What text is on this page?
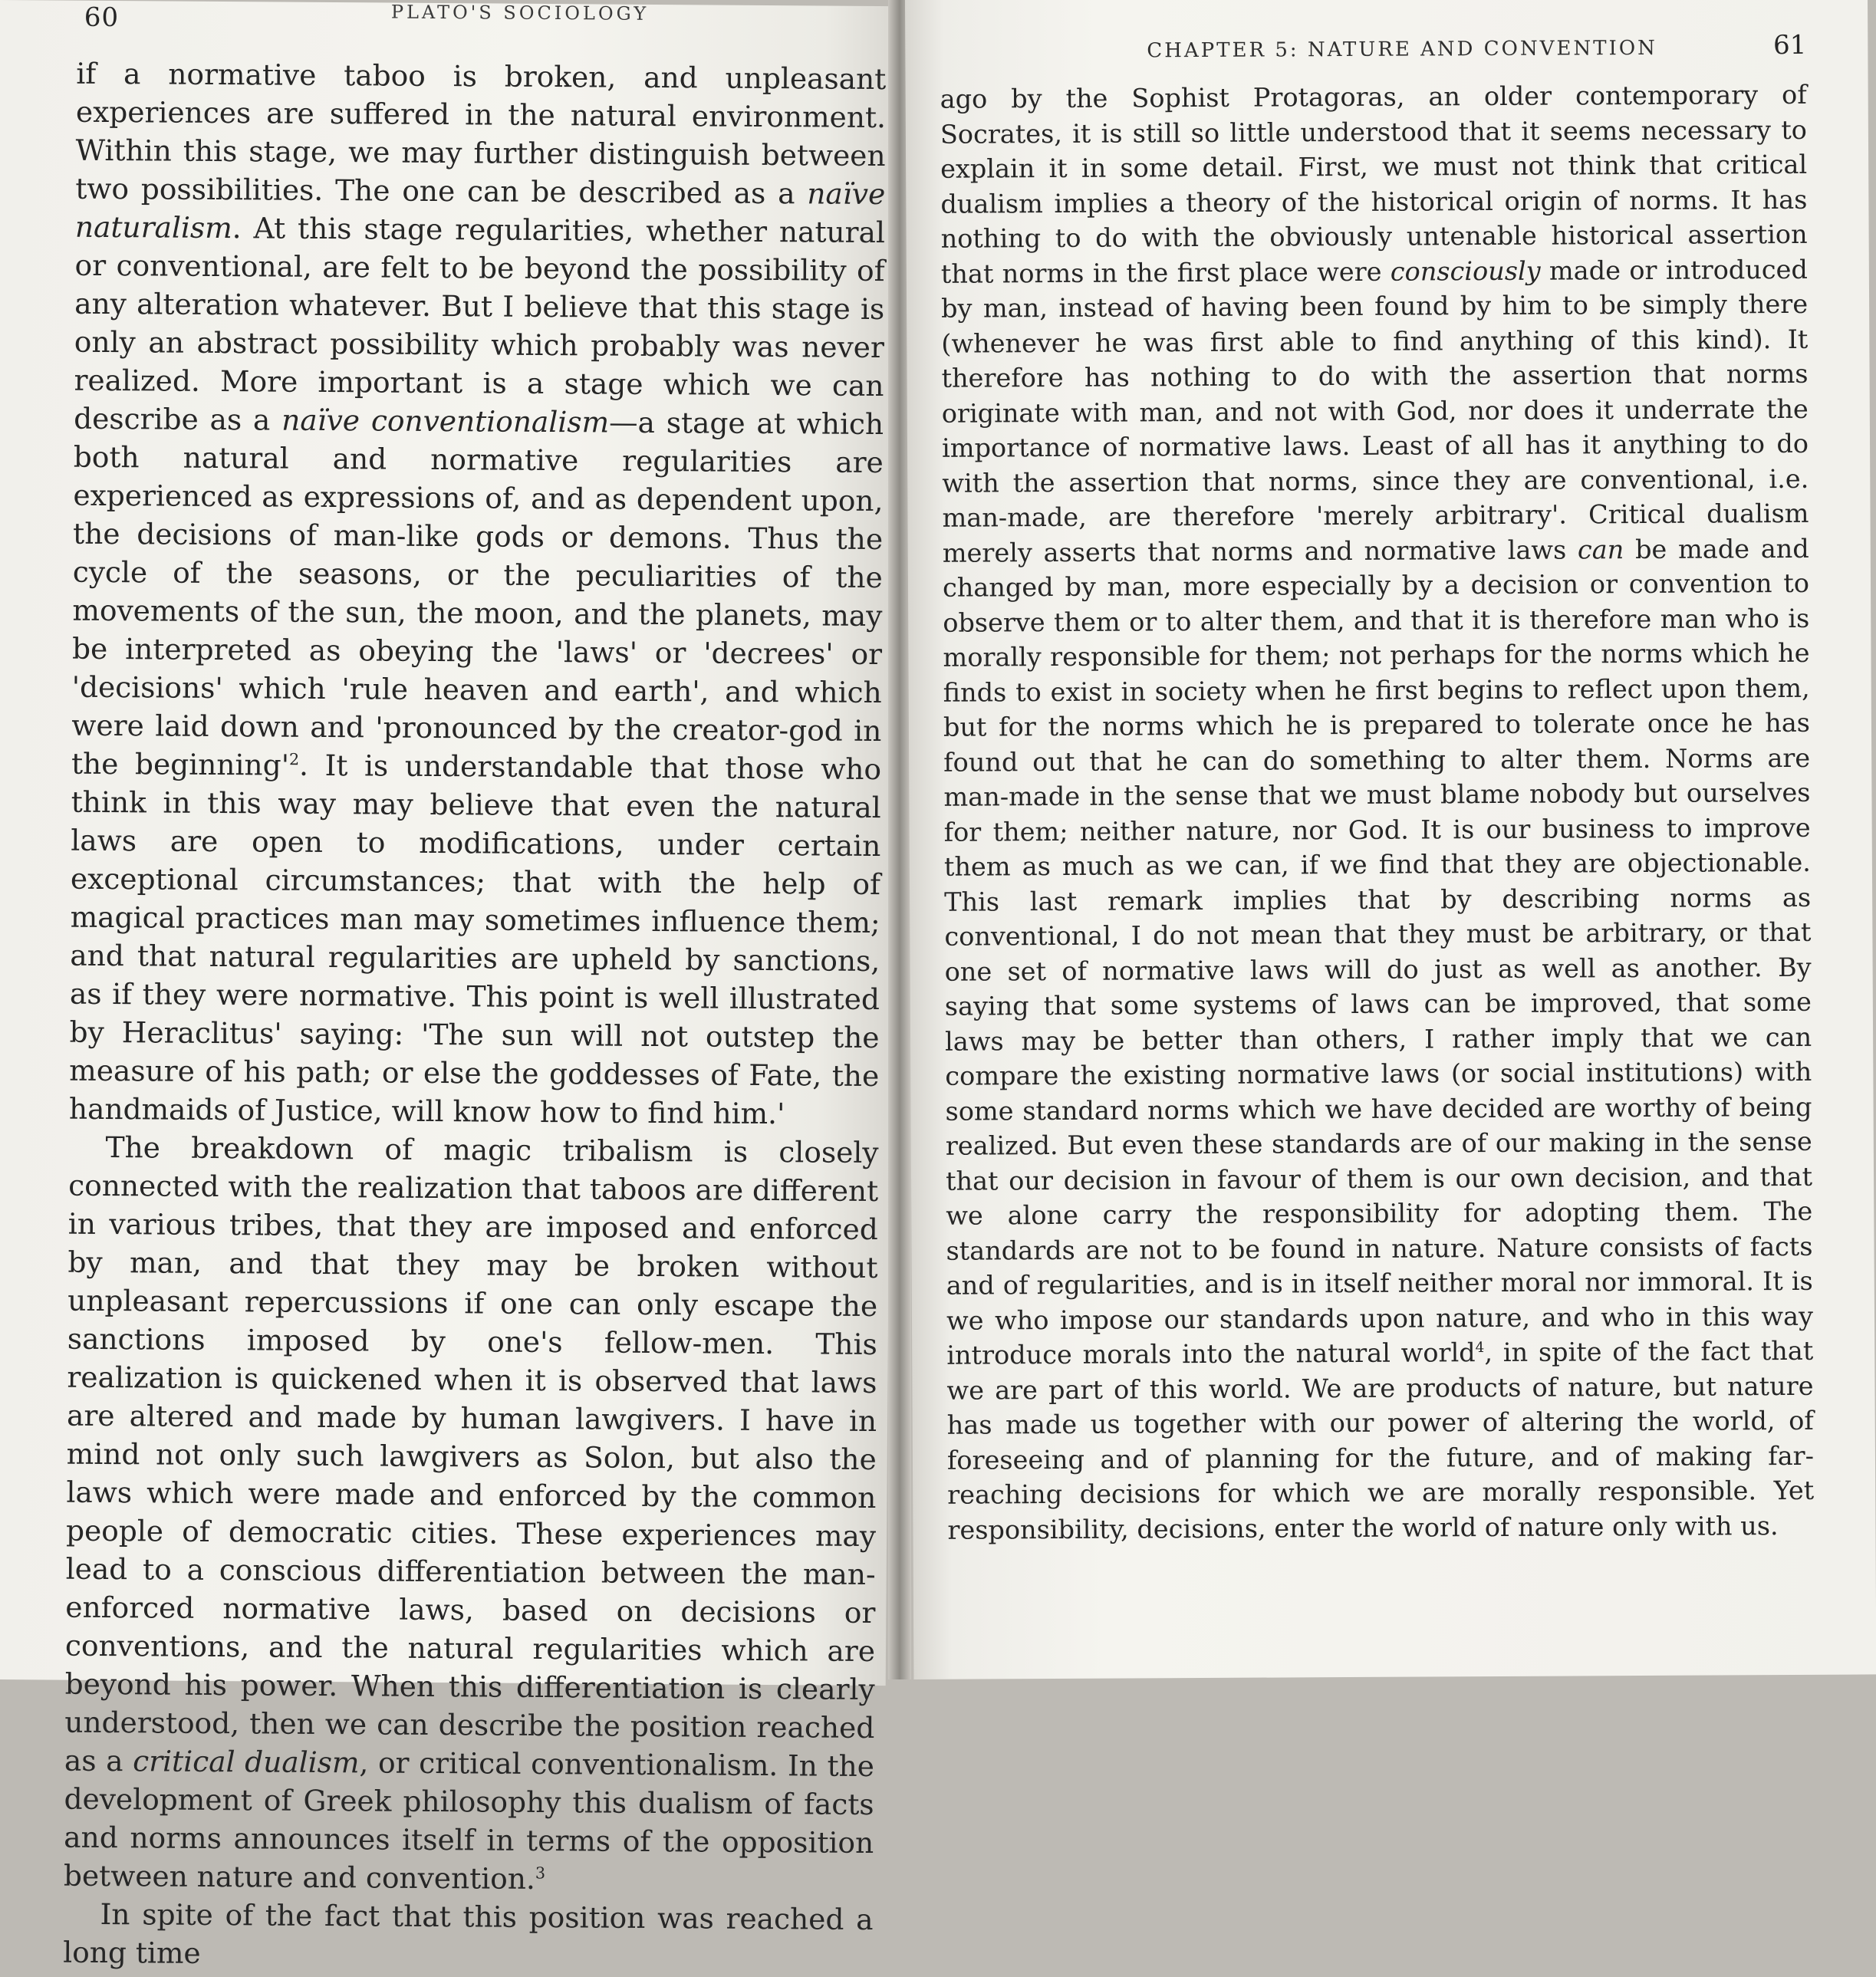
60	PLATO'S SOCIOLOGY

if a normative taboo is broken, and unpleasant experiences are suffered in the natural environment. Within this stage, we may further distinguish between two possibilities. The one can be described as a naïve naturalism. At this stage regularities, whether natural or conventional, are felt to be beyond the possibility of any alteration whatever. But I believe that this stage is only an abstract possibility which probably was never realized. More important is a stage which we can describe as a naïve conventionalism—a stage at which both natural and normative regularities are experienced as expressions of, and as dependent upon, the decisions of man-like gods or demons. Thus the cycle of the seasons, or the peculiarities of the movements of the sun, the moon, and the planets, may be interpreted as obeying the 'laws' or 'decrees' or 'decisions' which 'rule heaven and earth', and which were laid down and 'pronounced by the creator-god in the $beginning'^2$. It is understandable that those who think in this way may believe that even the natural laws are open to modifications, under certain exceptional circumstances; that with the help of magical practices man may sometimes influence them; and that natural regularities are upheld by sanctions, as if they were normative. This point is well illustrated by Heraclitus' saying: 'The sun will not outstep the measure of his path; or else the goddesses of Fate, the handmaids of Justice, will know how to find him.'

The breakdown of magic tribalism is closely connected with the realization that taboos are different in various tribes, that they are imposed and enforced by man, and that they may be broken without unpleasant repercussions if one can only escape the sanctions imposed by one's fellow-men. This realization is quickened when it is observed that laws are altered and made by human lawgivers. I have in mind not only such lawgivers as Solon, but also the laws which were made and enforced by the common people of democratic cities. These experiences may lead to a conscious differentiation between the man-enforced normative laws, based on decisions or conventions, and the natural regularities which are beyond his power. When this differentiation is clearly understood, then we can describe the position reached as a critical dualism, or critical conventionalism. In the development of Greek philosophy this dualism of facts and norms announces itself in terms of the opposition between nature and convention.$^3$

In spite of the fact that this position was reached a long time

CHAPTER 5: NATURE AND CONVENTION	61

ago by the Sophist Protagoras, an older contemporary of Socrates, it is still so little understood that it seems necessary to explain it in some detail. First, we must not think that critical dualism implies a theory of the historical origin of norms. It has nothing to do with the obviously untenable historical assertion that norms in the first place were consciously made or introduced by man, instead of having been found by him to be simply there (whenever he was first able to find anything of this kind). It therefore has nothing to do with the assertion that norms originate with man, and not with God, nor does it underrate the importance of normative laws. Least of all has it anything to do with the assertion that norms, since they are conventional, i.e. man-made, are therefore 'merely arbitrary'. Critical dualism merely asserts that norms and normative laws can be made and changed by man, more especially by a decision or convention to observe them or to alter them, and that it is therefore man who is morally responsible for them; not perhaps for the norms which he finds to exist in society when he first begins to reflect upon them, but for the norms which he is prepared to tolerate once he has found out that he can do something to alter them. Norms are man-made in the sense that we must blame nobody but ourselves for them; neither nature, nor God. It is our business to improve them as much as we can, if we find that they are objectionable. This last remark implies that by describing norms as conventional, I do not mean that they must be arbitrary, or that one set of normative laws will do just as well as another. By saying that some systems of laws can be improved, that some laws may be better than others, I rather imply that we can compare the existing normative laws (or social institutions) with some standard norms which we have decided are worthy of being realized. But even these standards are of our making in the sense that our decision in favour of them is our own decision, and that we alone carry the responsibility for adopting them. The standards are not to be found in nature. Nature consists of facts and of regularities, and is in itself neither moral nor immoral. It is we who impose our standards upon nature, and who in this way introduce morals into the natural world$^4$, in spite of the fact that we are part of this world. We are products of nature, but nature has made us together with our power of altering the world, of foreseeing and of planning for the future, and of making far-reaching decisions for which we are morally responsible. Yet responsibility, decisions, enter the world of nature only with us.
